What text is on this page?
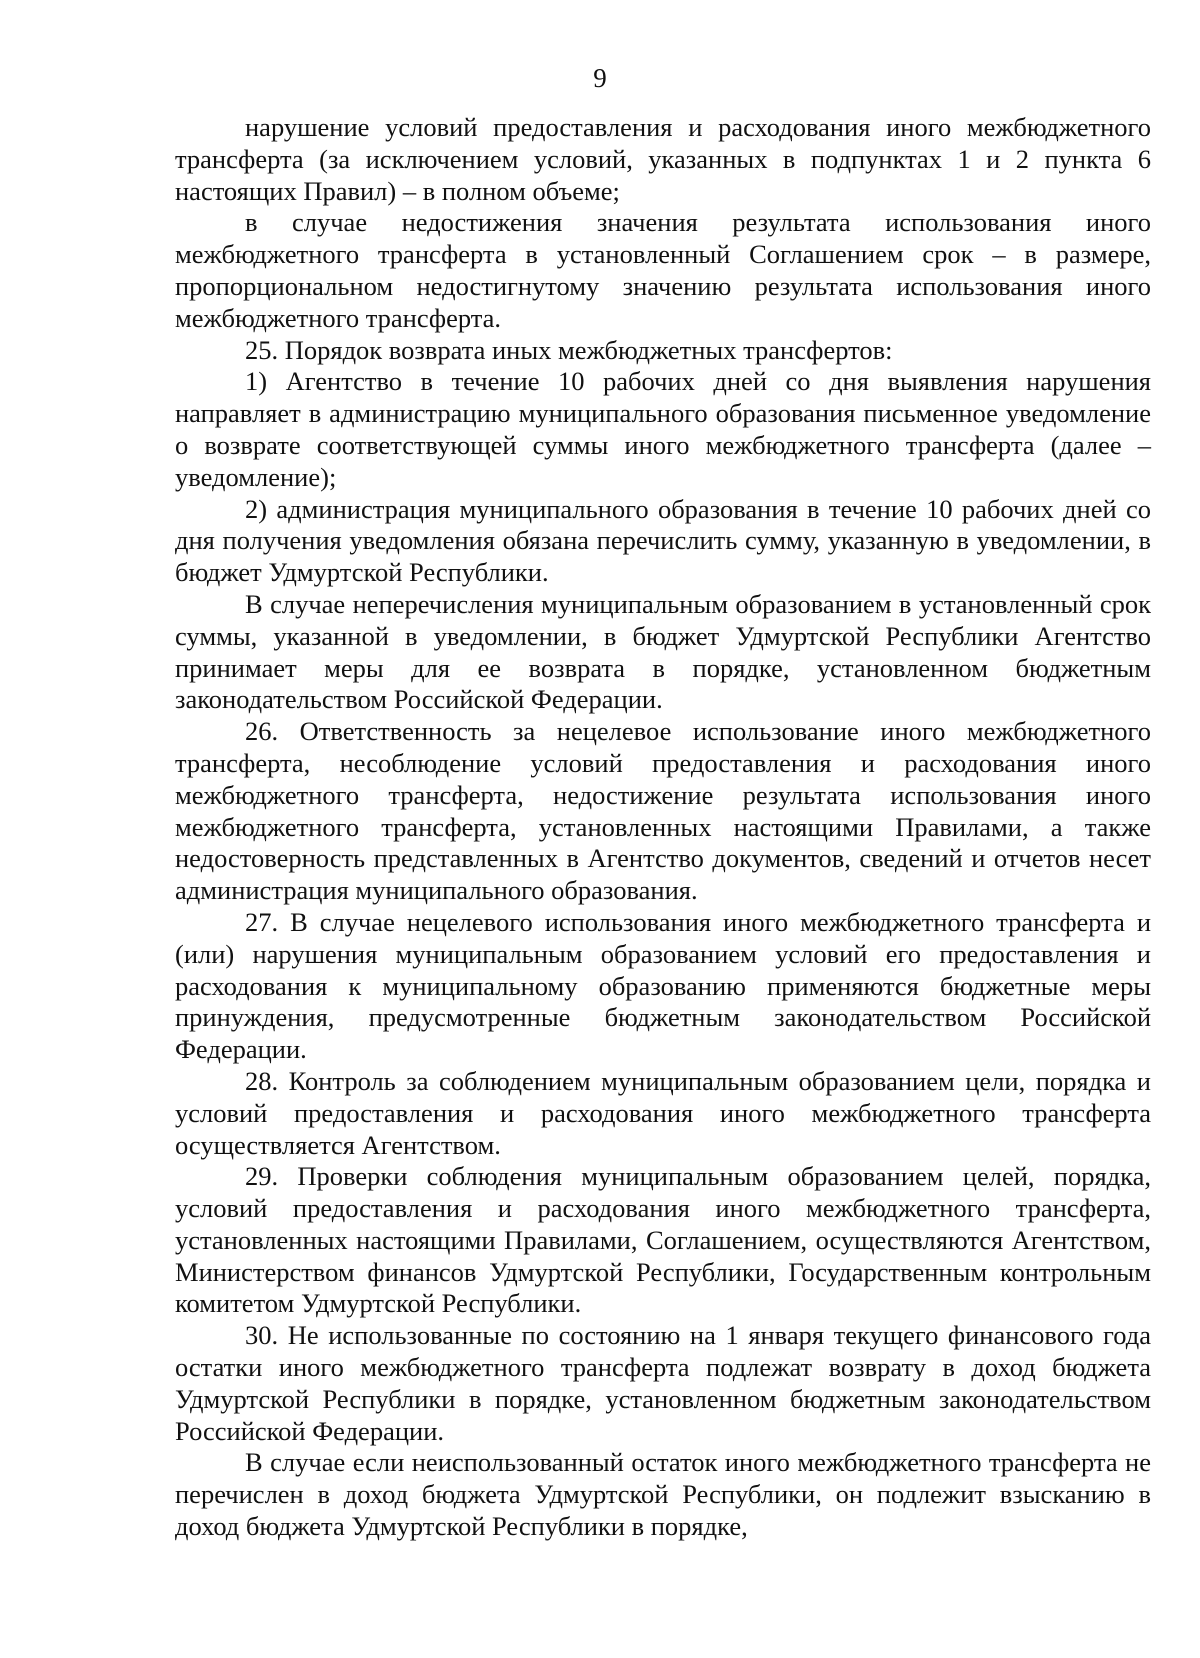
9

нарушение условий предоставления и расходования иного межбюджетного трансферта (за исключением условий, указанных в подпунктах 1 и 2 пункта 6 настоящих Правил) – в полном объеме;

в случае недостижения значения результата использования иного межбюджетного трансферта в установленный Соглашением срок – в размере, пропорциональном недостигнутому значению результата использования иного межбюджетного трансферта.

25. Порядок возврата иных межбюджетных трансфертов:

1) Агентство в течение 10 рабочих дней со дня выявления нарушения направляет в администрацию муниципального образования письменное уведомление о возврате соответствующей суммы иного межбюджетного трансферта (далее – уведомление);

2) администрация муниципального образования в течение 10 рабочих дней со дня получения уведомления обязана перечислить сумму, указанную в уведомлении, в бюджет Удмуртской Республики.

В случае неперечисления муниципальным образованием в установленный срок суммы, указанной в уведомлении, в бюджет Удмуртской Республики Агентство принимает меры для ее возврата в порядке, установленном бюджетным законодательством Российской Федерации.

26. Ответственность за нецелевое использование иного межбюджетного трансферта, несоблюдение условий предоставления и расходования иного межбюджетного трансферта, недостижение результата использования иного межбюджетного трансферта, установленных настоящими Правилами, а также недостоверность представленных в Агентство документов, сведений и отчетов несет администрация муниципального образования.

27. В случае нецелевого использования иного межбюджетного трансферта и (или) нарушения муниципальным образованием условий его предоставления и расходования к муниципальному образованию применяются бюджетные меры принуждения, предусмотренные бюджетным законодательством Российской Федерации.

28. Контроль за соблюдением муниципальным образованием цели, порядка и условий предоставления и расходования иного межбюджетного трансферта осуществляется Агентством.

29. Проверки соблюдения муниципальным образованием целей, порядка, условий предоставления и расходования иного межбюджетного трансферта, установленных настоящими Правилами, Соглашением, осуществляются Агентством, Министерством финансов Удмуртской Республики, Государственным контрольным комитетом Удмуртской Республики.

30. Не использованные по состоянию на 1 января текущего финансового года остатки иного межбюджетного трансферта подлежат возврату в доход бюджета Удмуртской Республики в порядке, установленном бюджетным законодательством Российской Федерации.

В случае если неиспользованный остаток иного межбюджетного трансферта не перечислен в доход бюджета Удмуртской Республики, он подлежит взысканию в доход бюджета Удмуртской Республики в порядке,
